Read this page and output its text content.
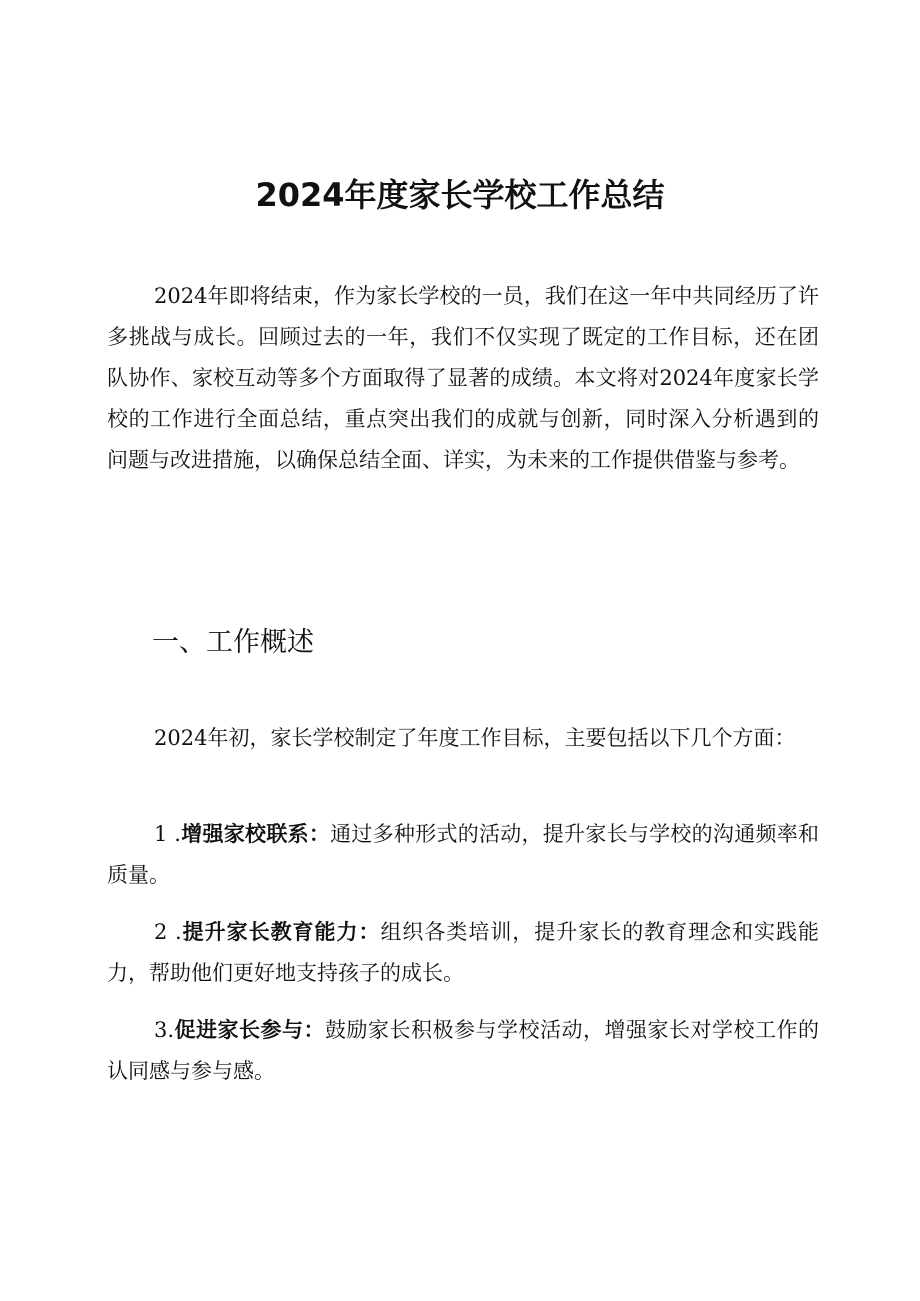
2024年度家长学校工作总结

2024年即将结束，作为家长学校的一员，我们在这一年中共同经历了许多挑战与成长。回顾过去的一年，我们不仅实现了既定的工作目标，还在团队协作、家校互动等多个方面取得了显著的成绩。本文将对2024年度家长学校的工作进行全面总结，重点突出我们的成就与创新，同时深入分析遇到的问题与改进措施，以确保总结全面、详实，为未来的工作提供借鉴与参考。

一、工作概述

2024年初，家长学校制定了年度工作目标，主要包括以下几个方面：

1 .增强家校联系：通过多种形式的活动，提升家长与学校的沟通频率和质量。

2 .提升家长教育能力：组织各类培训，提升家长的教育理念和实践能力，帮助他们更好地支持孩子的成长。

3.促进家长参与：鼓励家长积极参与学校活动，增强家长对学校工作的认同感与参与感。
